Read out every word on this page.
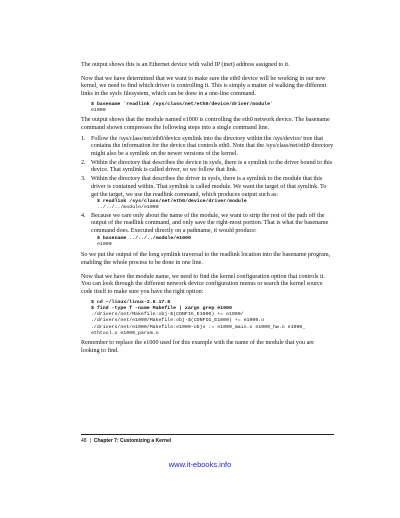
The output shows this is an Ethernet device with valid IP (inet) address assigned to it.

Now that we have determined that we want to make sure the eth0 device will be working in our new kernel, we need to find which driver is controlling it. This is simply a matter of walking the different links in the sysfs filesystem, which can be done in a one-line command.

$ basename `readlink /sys/class/net/eth0/device/driver/module`
e1000

The output shows that the module named e1000 is controlling the eth0 network device. The basename command shown compresses the following steps into a single command line.

1. Follow the /sys/class/net/eth0/device symlink into the directory within the /sys/device/ tree that contains the information for the device that controls eth0. Note that the /sys/class/net/eth0 directory might also be a symlink on the newer versions of the kernel.
2. Within the directory that describes the device in sysfs, there is a symlink to the driver bound to this device. That symlink is called driver, so we follow that link.
3. Within the directory that describes the driver in sysfs, there is a symlink to the module that this driver is contained within. That symlink is called module. We want the target of that symlink. To get the target, we use the readlink command, which produces output such as:
$ readlink /sys/class/net/eth0/device/driver/module
../../../module/e1000
4. Because we care only about the name of the module, we want to strip the rest of the path off the output of the readlink command, and only save the right-most portion. That is what the basename command does. Executed directly on a pathname, it would produce:
$ basename ../../../module/e1000
e1000

So we put the output of the long symlink traversal to the readlink location into the basename program, enabling the whole process to be done in one line.

Now that we have the module name, we need to find the kernel configuration option that controls it. You can look through the different network device configuration menus or search the kernel source code itself to make sure you have the right option:

$ cd ~/linux/linux-2.6.17.8
$ find -type f -name Makefile | xargs grep e1000
./drivers/net/Makefile:obj-$(CONFIG_E1000) += e1000/
./drivers/net/e1000/Makefile:obj-$(CONFIG_E1000) += e1000.o
./drivers/net/e1000/Makefile:e1000-objs := e1000_main.o e1000_hw.o e1000_
ethtool.o e1000_param.o

Remember to replace the e1000 used for this example with the name of the module that you are looking to find.

48 | Chapter 7: Customizing a Kernel
www.it-ebooks.info
